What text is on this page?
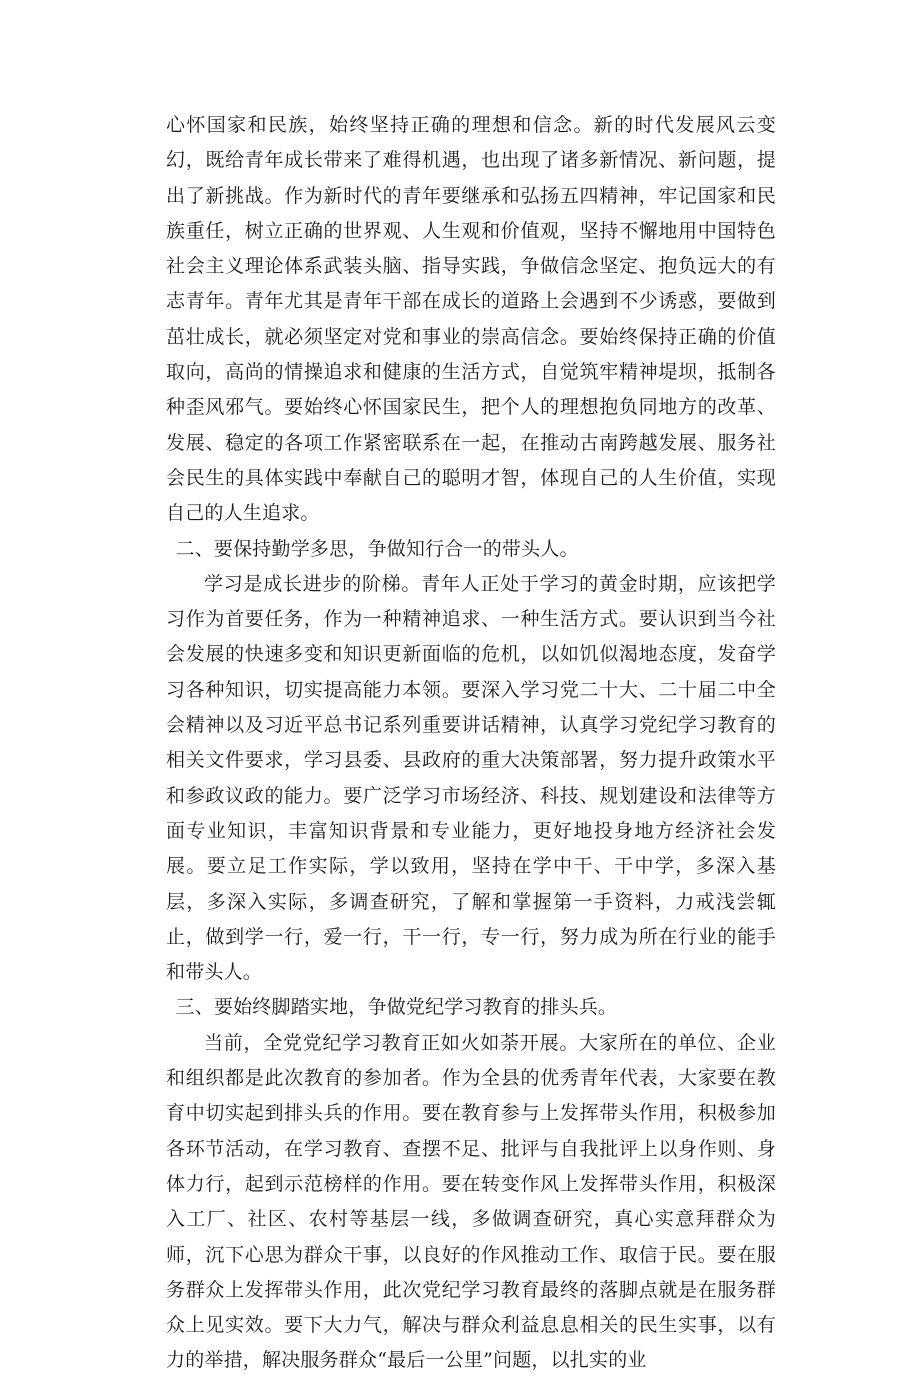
心怀国家和民族，始终坚持正确的理想和信念。新的时代发展风云变幻，既给青年成长带来了难得机遇，也出现了诸多新情况、新问题，提出了新挑战。作为新时代的青年要继承和弘扬五四精神，牢记国家和民族重任，树立正确的世界观、人生观和价值观，坚持不懈地用中国特色社会主义理论体系武装头脑、指导实践，争做信念坚定、抱负远大的有志青年。青年尤其是青年干部在成长的道路上会遇到不少诱惑，要做到茁壮成长，就必须坚定对党和事业的崇高信念。要始终保持正确的价值取向，高尚的情操追求和健康的生活方式，自觉筑牢精神堤坝，抵制各种歪风邪气。要始终心怀国家民生，把个人的理想抱负同地方的改革、发展、稳定的各项工作紧密联系在一起，在推动古南跨越发展、服务社会民生的具体实践中奉献自己的聪明才智，体现自己的人生价值，实现自己的人生追求。

二、要保持勤学多思，争做知行合一的带头人。

学习是成长进步的阶梯。青年人正处于学习的黄金时期，应该把学习作为首要任务，作为一种精神追求、一种生活方式。要认识到当今社会发展的快速多变和知识更新面临的危机，以如饥似渴地态度，发奋学习各种知识，切实提高能力本领。要深入学习党二十大、二十届二中全会精神以及习近平总书记系列重要讲话精神，认真学习党纪学习教育的相关文件要求，学习县委、县政府的重大决策部署，努力提升政策水平和参政议政的能力。要广泛学习市场经济、科技、规划建设和法律等方面专业知识，丰富知识背景和专业能力，更好地投身地方经济社会发展。要立足工作实际，学以致用，坚持在学中干、干中学，多深入基层，多深入实际，多调查研究，了解和掌握第一手资料，力戒浅尝辄止，做到学一行，爱一行，干一行，专一行，努力成为所在行业的能手和带头人。

三、要始终脚踏实地，争做党纪学习教育的排头兵。

当前，全党党纪学习教育正如火如荼开展。大家所在的单位、企业和组织都是此次教育的参加者。作为全县的优秀青年代表，大家要在教育中切实起到排头兵的作用。要在教育参与上发挥带头作用，积极参加各环节活动，在学习教育、查摆不足、批评与自我批评上以身作则、身体力行，起到示范榜样的作用。要在转变作风上发挥带头作用，积极深入工厂、社区、农村等基层一线，多做调查研究，真心实意拜群众为师，沉下心思为群众干事，以良好的作风推动工作、取信于民。要在服务群众上发挥带头作用，此次党纪学习教育最终的落脚点就是在服务群众上见实效。要下大力气，解决与群众利益息息相关的民生实事，以有力的举措，解决服务群众“最后一公里”问题，以扎实的业
